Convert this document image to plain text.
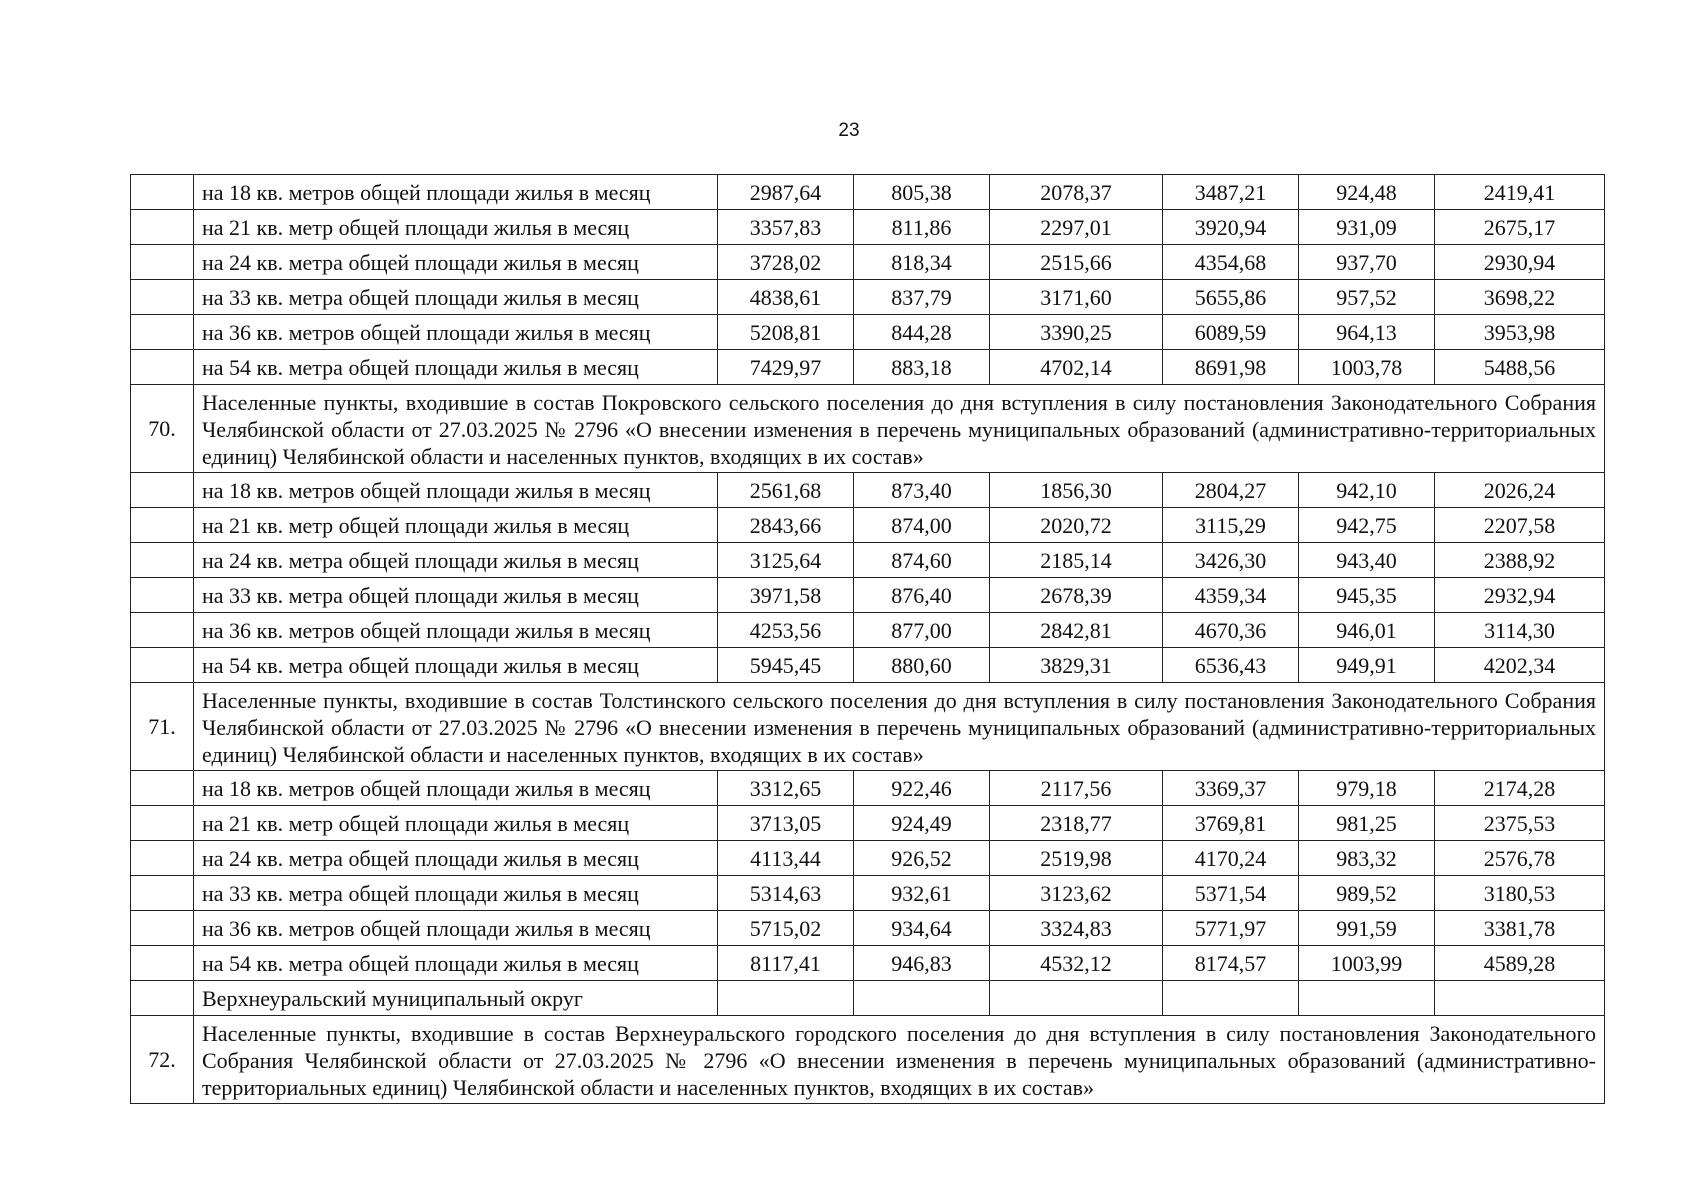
23
	на 18 кв. метров общей площади жилья в месяц	2987,64	805,38	2078,37	3487,21	924,48	2419,41
	на 21 кв. метр общей площади жилья в месяц	3357,83	811,86	2297,01	3920,94	931,09	2675,17
	на 24 кв. метра общей площади жилья в месяц	3728,02	818,34	2515,66	4354,68	937,70	2930,94
	на 33 кв. метра общей площади жилья в месяц	4838,61	837,79	3171,60	5655,86	957,52	3698,22
	на 36 кв. метров общей площади жилья в месяц	5208,81	844,28	3390,25	6089,59	964,13	3953,98
	на 54 кв. метра общей площади жилья в месяц	7429,97	883,18	4702,14	8691,98	1003,78	5488,56
70.	Населенные пункты, входившие в состав Покровского сельского поселения до дня вступления в силу постановления Законодательного Собрания Челябинской области от 27.03.2025 № 2796 «О внесении изменения в перечень муниципальных образований (административно-территориальных единиц) Челябинской области и населенных пунктов, входящих в их состав»						
	на 18 кв. метров общей площади жилья в месяц	2561,68	873,40	1856,30	2804,27	942,10	2026,24
	на 21 кв. метр общей площади жилья в месяц	2843,66	874,00	2020,72	3115,29	942,75	2207,58
	на 24 кв. метра общей площади жилья в месяц	3125,64	874,60	2185,14	3426,30	943,40	2388,92
	на 33 кв. метра общей площади жилья в месяц	3971,58	876,40	2678,39	4359,34	945,35	2932,94
	на 36 кв. метров общей площади жилья в месяц	4253,56	877,00	2842,81	4670,36	946,01	3114,30
	на 54 кв. метра общей площади жилья в месяц	5945,45	880,60	3829,31	6536,43	949,91	4202,34
71.	Населенные пункты, входившие в состав Толстинского сельского поселения до дня вступления в силу постановления Законодательного Собрания Челябинской области от 27.03.2025 № 2796 «О внесении изменения в перечень муниципальных образований (административно-территориальных единиц) Челябинской области и населенных пунктов, входящих в их состав»						
	на 18 кв. метров общей площади жилья в месяц	3312,65	922,46	2117,56	3369,37	979,18	2174,28
	на 21 кв. метр общей площади жилья в месяц	3713,05	924,49	2318,77	3769,81	981,25	2375,53
	на 24 кв. метра общей площади жилья в месяц	4113,44	926,52	2519,98	4170,24	983,32	2576,78
	на 33 кв. метра общей площади жилья в месяц	5314,63	932,61	3123,62	5371,54	989,52	3180,53
	на 36 кв. метров общей площади жилья в месяц	5715,02	934,64	3324,83	5771,97	991,59	3381,78
	на 54 кв. метра общей площади жилья в месяц	8117,41	946,83	4532,12	8174,57	1003,99	4589,28
	Верхнеуральский муниципальный округ						
72.	Населенные пункты, входившие в состав Верхнеуральского городского поселения до дня вступления в силу постановления Законодательного Собрания Челябинской области от 27.03.2025 № 2796 «О внесении изменения в перечень муниципальных образований (административно-территориальных единиц) Челябинской области и населенных пунктов, входящих в их состав»						
